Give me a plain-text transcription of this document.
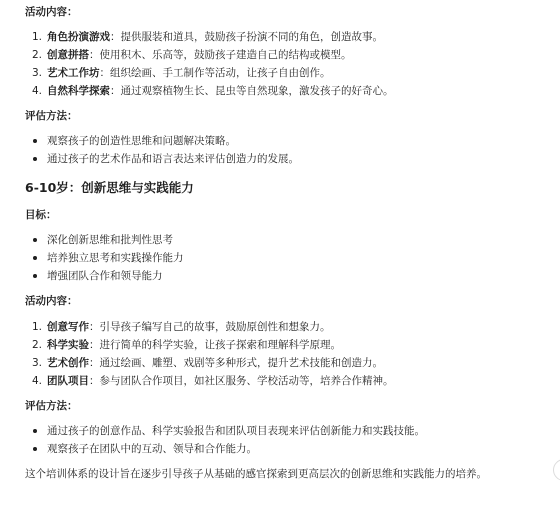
活动内容：

1. 角色扮演游戏：提供服装和道具，鼓励孩子扮演不同的角色，创造故事。
2. 创意拼搭：使用积木、乐高等，鼓励孩子建造自己的结构或模型。
3. 艺术工作坊：组织绘画、手工制作等活动，让孩子自由创作。
4. 自然科学探索：通过观察植物生长、昆虫等自然现象，激发孩子的好奇心。

评估方法：

观察孩子的创造性思维和问题解决策略。
通过孩子的艺术作品和语言表达来评估创造力的发展。

6-10岁：创新思维与实践能力

目标：

深化创新思维和批判性思考
培养独立思考和实践操作能力
增强团队合作和领导能力

活动内容：

1. 创意写作：引导孩子编写自己的故事，鼓励原创性和想象力。
2. 科学实验：进行简单的科学实验，让孩子探索和理解科学原理。
3. 艺术创作：通过绘画、雕塑、戏剧等多种形式，提升艺术技能和创造力。
4. 团队项目：参与团队合作项目，如社区服务、学校活动等，培养合作精神。

评估方法：

通过孩子的创意作品、科学实验报告和团队项目表现来评估创新能力和实践技能。
观察孩子在团队中的互动、领导和合作能力。

这个培训体系的设计旨在逐步引导孩子从基础的感官探索到更高层次的创新思维和实践能力的培养。
